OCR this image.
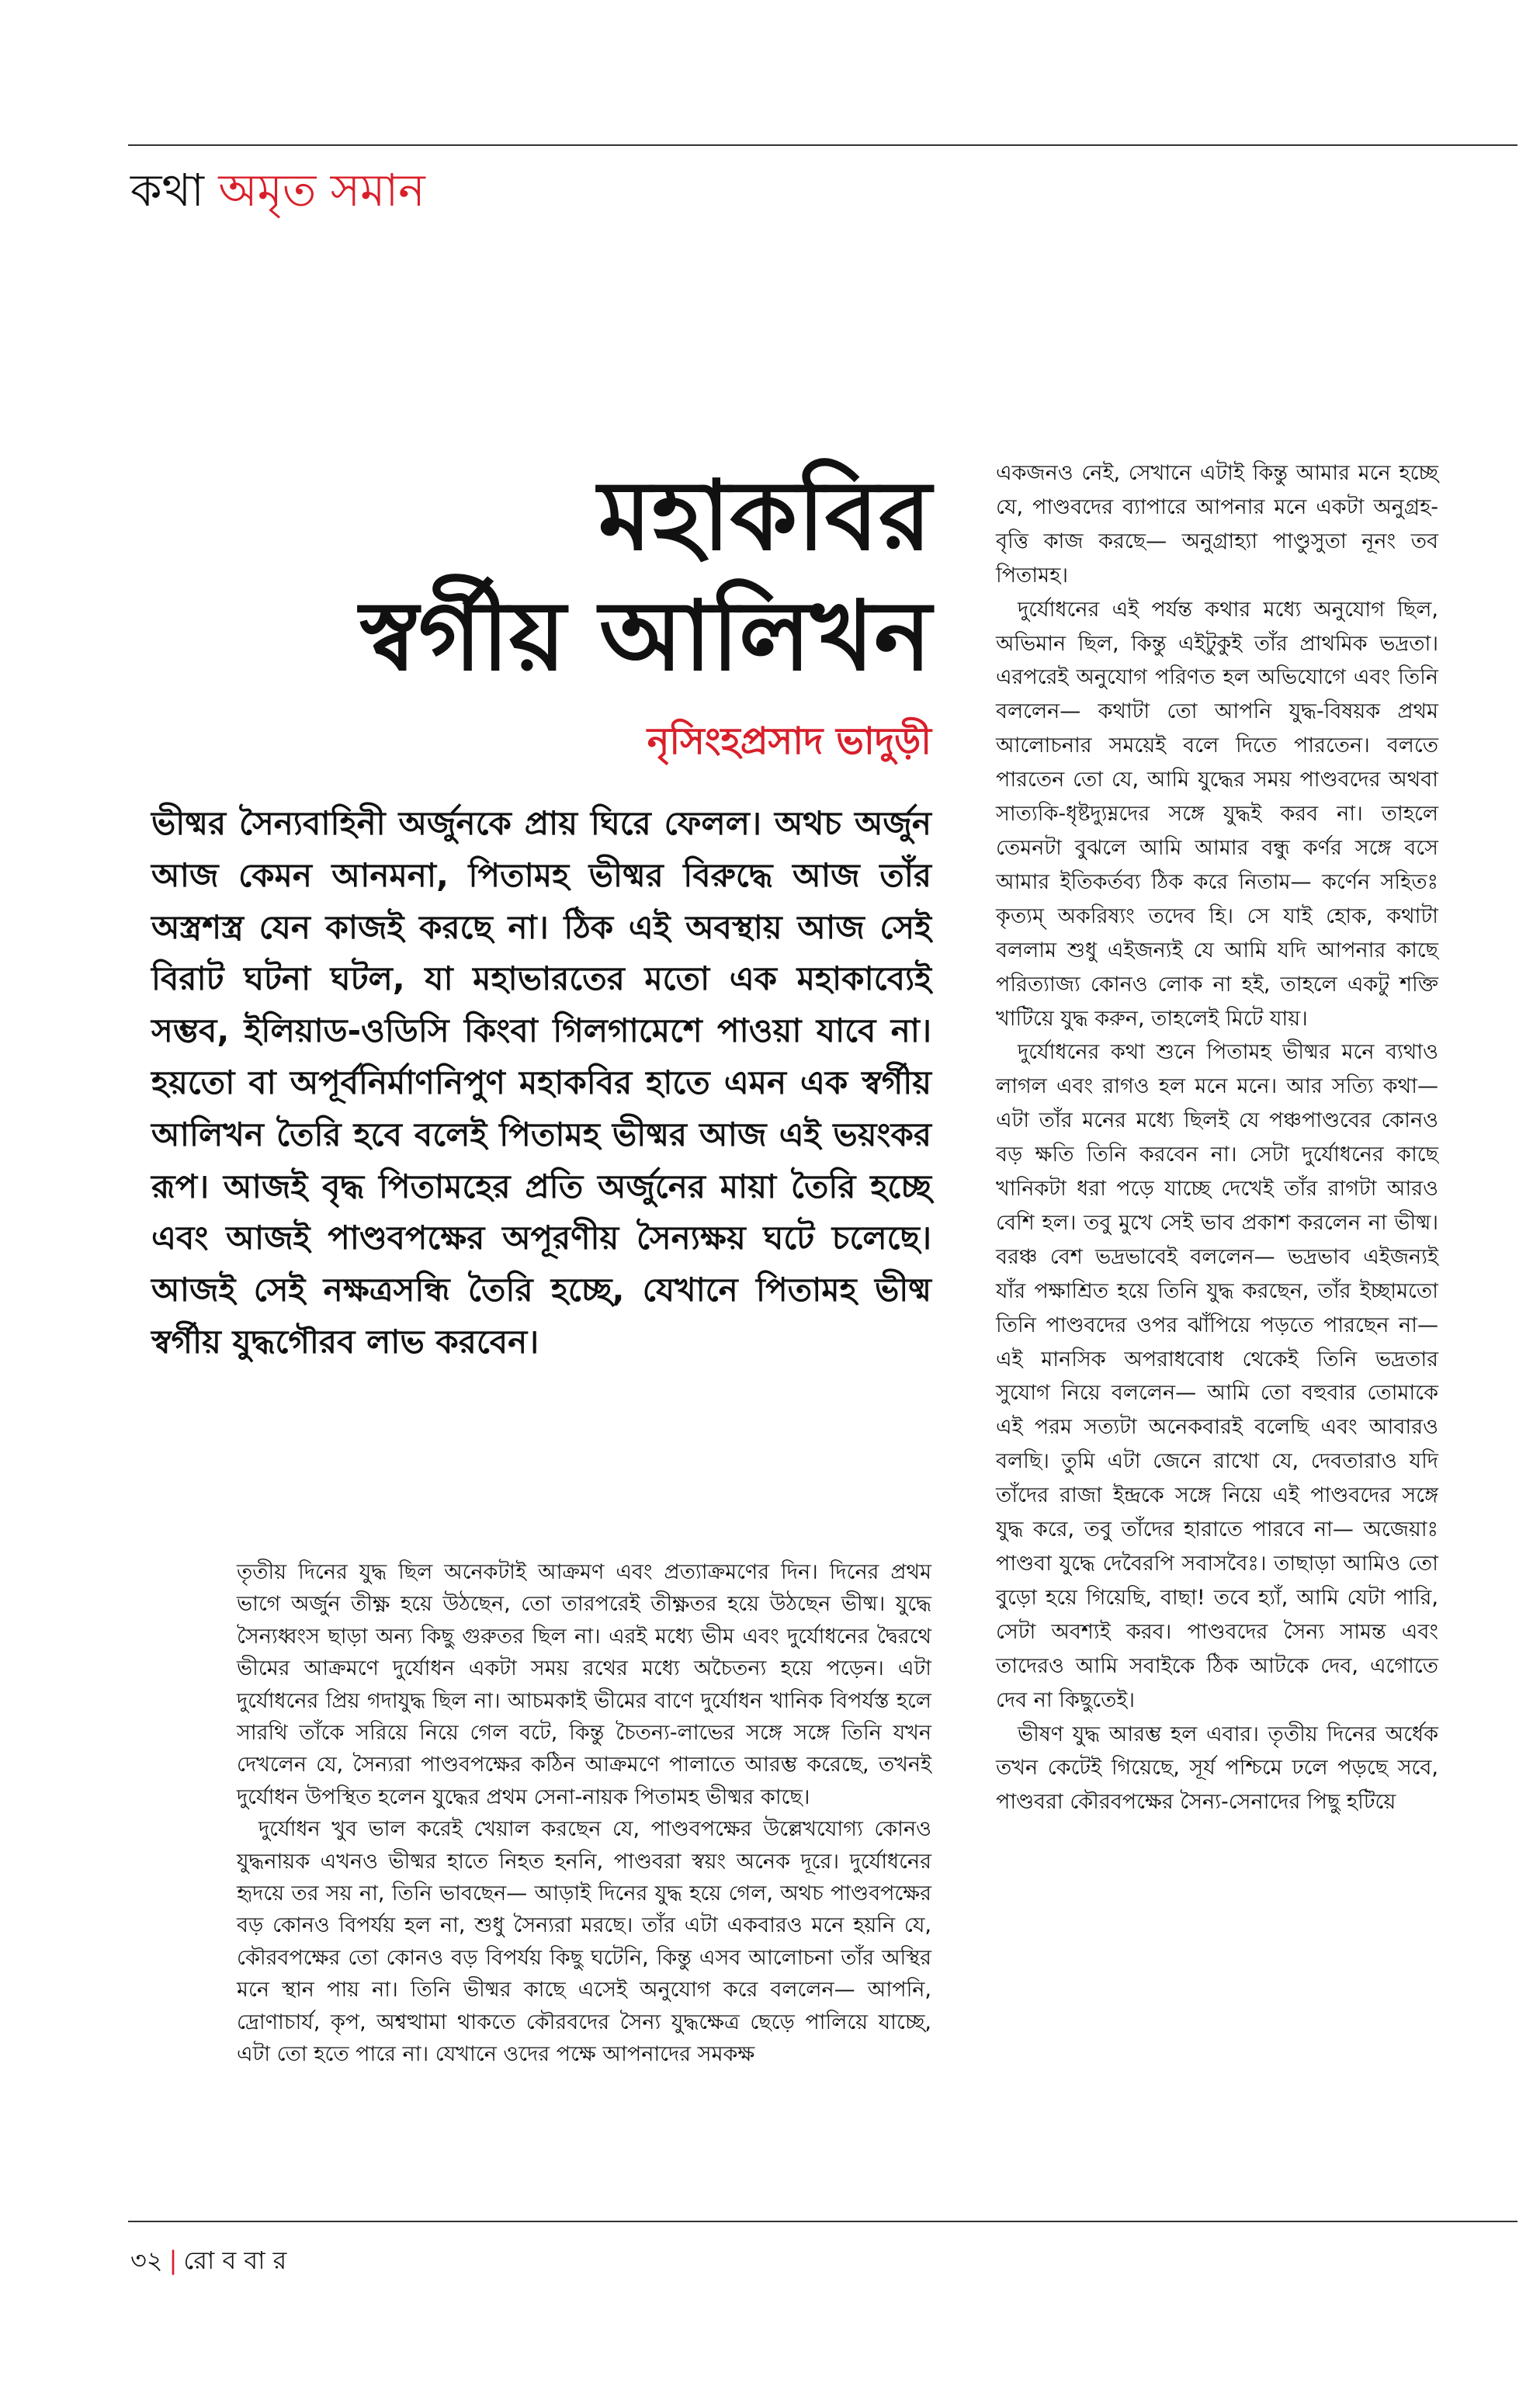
কথা অমৃত সমান
মহাকবির
স্বর্গীয় আলিখন
নৃসিংহপ্রসাদ ভাদুড়ী
ভীষ্মর সৈন্যবাহিনী অর্জুনকে প্রায় ঘিরে ফেলল। অথচ অর্জুন আজ কেমন আনমনা, পিতামহ ভীষ্মর বিরুদ্ধে আজ তাঁর অস্ত্রশস্ত্র যেন কাজই করছে না। ঠিক এই অবস্থায় আজ সেই বিরাট ঘটনা ঘটল, যা মহাভারতের মতো এক মহাকাব্যেই সম্ভব, ইলিয়াড-ওডিসি কিংবা গিলগামেশে পাওয়া যাবে না। হয়তো বা অপূর্বনির্মাণনিপুণ মহাকবির হাতে এমন এক স্বর্গীয় আলিখন তৈরি হবে বলেই পিতামহ ভীষ্মর আজ এই ভয়ংকর রূপ। আজই বৃদ্ধ পিতামহের প্রতি অর্জুনের মায়া তৈরি হচ্ছে এবং আজই পাণ্ডবপক্ষের অপূরণীয় সৈন্যক্ষয় ঘটে চলেছে। আজই সেই নক্ষত্রসন্ধি তৈরি হচ্ছে, যেখানে পিতামহ ভীষ্ম স্বর্গীয় যুদ্ধগৌরব লাভ করবেন।

তৃতীয় দিনের যুদ্ধ ছিল অনেকটাই আক্রমণ এবং প্রত্যাক্রমণের দিন। দিনের প্রথম ভাগে অর্জুন তীক্ষ্ণ হয়ে উঠছেন, তো তারপরেই তীক্ষ্ণতর হয়ে উঠছেন ভীষ্ম। যুদ্ধে সৈন্যধ্বংস ছাড়া অন্য কিছু গুরুতর ছিল না। এরই মধ্যে ভীম এবং দুর্যোধনের দ্বৈরথে ভীমের আক্রমণে দুর্যোধন একটা সময় রথের মধ্যে অচৈতন্য হয়ে পড়েন। এটা দুর্যোধনের প্রিয় গদাযুদ্ধ ছিল না। আচমকাই ভীমের বাণে দুর্যোধন খানিক বিপর্যস্ত হলে সারথি তাঁকে সরিয়ে নিয়ে গেল বটে, কিন্তু চৈতন্য-লাভের সঙ্গে সঙ্গে তিনি যখন দেখলেন যে, সৈন্যরা পাণ্ডবপক্ষের কঠিন আক্রমণে পালাতে আরম্ভ করেছে, তখনই দুর্যোধন উপস্থিত হলেন যুদ্ধের প্রথম সেনা-নায়ক পিতামহ ভীষ্মর কাছে।

দুর্যোধন খুব ভাল করেই খেয়াল করছেন যে, পাণ্ডবপক্ষের উল্লেখযোগ্য কোনও যুদ্ধনায়ক এখনও ভীষ্মর হাতে নিহত হননি, পাণ্ডবরা স্বয়ং অনেক দূরে। দুর্যোধনের হৃদয়ে তর সয় না, তিনি ভাবছেন— আড়াই দিনের যুদ্ধ হয়ে গেল, অথচ পাণ্ডবপক্ষের বড় কোনও বিপর্যয় হল না, শুধু সৈন্যরা মরছে। তাঁর এটা একবারও মনে হয়নি যে, কৌরবপক্ষের তো কোনও বড় বিপর্যয় কিছু ঘটেনি, কিন্তু এসব আলোচনা তাঁর অস্থির মনে স্থান পায় না। তিনি ভীষ্মর কাছে এসেই অনুযোগ করে বললেন— আপনি, দ্রোণাচার্য, কৃপ, অশ্বত্থামা থাকতে কৌরবদের সৈন্য যুদ্ধক্ষেত্র ছেড়ে পালিয়ে যাচ্ছে, এটা তো হতে পারে না। যেখানে ওদের পক্ষে আপনাদের সমকক্ষ

একজনও নেই, সেখানে এটাই কিন্তু আমার মনে হচ্ছে যে, পাণ্ডবদের ব্যাপারে আপনার মনে একটা অনুগ্রহ-বৃত্তি কাজ করছে— অনুগ্রাহ্যা পাণ্ডুসুতা নূনং তব পিতামহ।

দুর্যোধনের এই পর্যন্ত কথার মধ্যে অনুযোগ ছিল, অভিমান ছিল, কিন্তু এইটুকুই তাঁর প্রাথমিক ভদ্রতা। এরপরেই অনুযোগ পরিণত হল অভিযোগে এবং তিনি বললেন— কথাটা তো আপনি যুদ্ধ-বিষয়ক প্রথম আলোচনার সময়েই বলে দিতে পারতেন। বলতে পারতেন তো যে, আমি যুদ্ধের সময় পাণ্ডবদের অথবা সাত্যকি-ধৃষ্টদ্যুম্নদের সঙ্গে যুদ্ধই করব না। তাহলে তেমনটা বুঝলে আমি আমার বন্ধু কর্ণর সঙ্গে বসে আমার ইতিকর্তব্য ঠিক করে নিতাম— কর্ণেন সহিতঃ কৃত্যম্ অকরিষ্যং তদেব হি। সে যাই হোক, কথাটা বললাম শুধু এইজন্যই যে আমি যদি আপনার কাছে পরিত্যাজ্য কোনও লোক না হই, তাহলে একটু শক্তি খাটিয়ে যুদ্ধ করুন, তাহলেই মিটে যায়।

দুর্যোধনের কথা শুনে পিতামহ ভীষ্মর মনে ব্যথাও লাগল এবং রাগও হল মনে মনে। আর সত্যি কথা— এটা তাঁর মনের মধ্যে ছিলই যে পঞ্চপাণ্ডবের কোনও বড় ক্ষতি তিনি করবেন না। সেটা দুর্যোধনের কাছে খানিকটা ধরা পড়ে যাচ্ছে দেখেই তাঁর রাগটা আরও বেশি হল। তবু মুখে সেই ভাব প্রকাশ করলেন না ভীষ্ম। বরঞ্চ বেশ ভদ্রভাবেই বললেন— ভদ্রভাব এইজন্যই যাঁর পক্ষাশ্রিত হয়ে তিনি যুদ্ধ করছেন, তাঁর ইচ্ছামতো তিনি পাণ্ডবদের ওপর ঝাঁপিয়ে পড়তে পারছেন না— এই মানসিক অপরাধবোধ থেকেই তিনি ভদ্রতার সুযোগ নিয়ে বললেন— আমি তো বহুবার তোমাকে এই পরম সত্যটা অনেকবারই বলেছি এবং আবারও বলছি। তুমি এটা জেনে রাখো যে, দেবতারাও যদি তাঁদের রাজা ইন্দ্রকে সঙ্গে নিয়ে এই পাণ্ডবদের সঙ্গে যুদ্ধ করে, তবু তাঁদের হারাতে পারবে না— অজেয়াঃ পাণ্ডবা যুদ্ধে দেবৈরপি সবাসবৈঃ। তাছাড়া আমিও তো বুড়ো হয়ে গিয়েছি, বাছা! তবে হ্যাঁ, আমি যেটা পারি, সেটা অবশ্যই করব। পাণ্ডবদের সৈন্য সামন্ত এবং তাদেরও আমি সবাইকে ঠিক আটকে দেব, এগোতে দেব না কিছুতেই।

ভীষণ যুদ্ধ আরম্ভ হল এবার। তৃতীয় দিনের অর্ধেক তখন কেটেই গিয়েছে, সূর্য পশ্চিমে ঢলে পড়ছে সবে, পাণ্ডবরা কৌরবপক্ষের সৈন্য-সেনাদের পিছু হটিয়ে

৩২ | রো ব বা র
